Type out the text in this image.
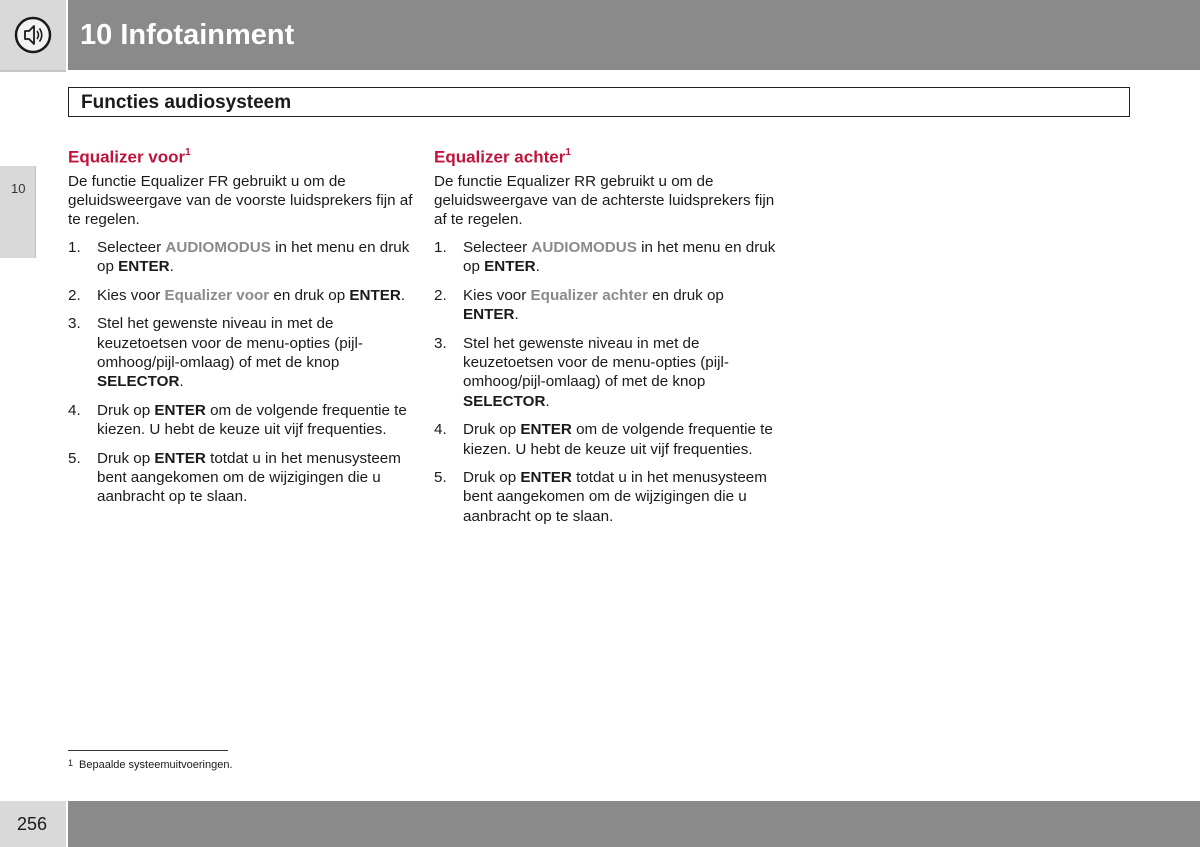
10 Infotainment
Functies audiosysteem
10
Equalizer voor$^1$

De functie Equalizer FR gebruikt u om de geluidsweergave van de voorste luidsprekers fijn af te regelen.

1. Selecteer AUDIOMODUS in het menu en druk op ENTER.
2. Kies voor Equalizer voor en druk op ENTER.
3. Stel het gewenste niveau in met de keuzetoetsen voor de menu-opties (pijl-omhoog/pijl-omlaag) of met de knop SELECTOR.
4. Druk op ENTER om de volgende frequentie te kiezen. U hebt de keuze uit vijf frequenties.
5. Druk op ENTER totdat u in het menusysteem bent aangekomen om de wijzigingen die u aanbracht op te slaan.
Equalizer achter$^1$

De functie Equalizer RR gebruikt u om de geluidsweergave van de achterste luidsprekers fijn af te regelen.

1. Selecteer AUDIOMODUS in het menu en druk op ENTER.
2. Kies voor Equalizer achter en druk op ENTER.
3. Stel het gewenste niveau in met de keuzetoetsen voor de menu-opties (pijl-omhoog/pijl-omlaag) of met de knop SELECTOR.
4. Druk op ENTER om de volgende frequentie te kiezen. U hebt de keuze uit vijf frequenties.
5. Druk op ENTER totdat u in het menusysteem bent aangekomen om de wijzigingen die u aanbracht op te slaan.
1 Bepaalde systeemuitvoeringen.
256
